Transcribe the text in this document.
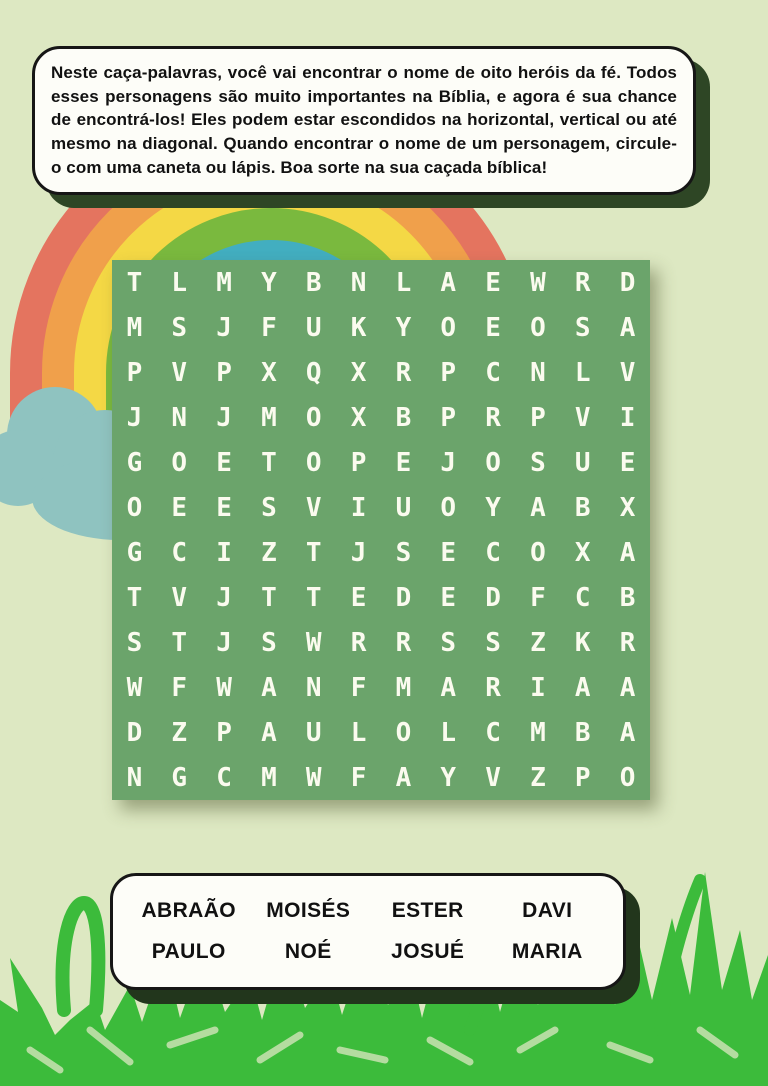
Neste caça-palavras, você vai encontrar o nome de oito heróis da fé. Todos esses personagens são muito importantes na Bíblia, e agora é sua chance de encontrá-los! Eles podem estar escondidos na horizontal, vertical ou até mesmo na diagonal. Quando encontrar o nome de um personagem, circule-o com uma caneta ou lápis. Boa sorte na sua caçada bíblica!

T	L	M	Y	B	N	L	A	E	W	R	D
M	S	J	F	U	K	Y	O	E	O	S	A
P	V	P	X	Q	X	R	P	C	N	L	V
J	N	J	M	O	X	B	P	R	P	V	I
G	O	E	T	O	P	E	J	O	S	U	E
O	E	E	S	V	I	U	O	Y	A	B	X
G	C	I	Z	T	J	S	E	C	O	X	A
T	V	J	T	T	E	D	E	D	F	C	B
S	T	J	S	W	R	R	S	S	Z	K	R
W	F	W	A	N	F	M	A	R	I	A	A
D	Z	P	A	U	L	O	L	C	M	B	A
N	G	C	M	W	F	A	Y	V	Z	P	O
ABRAÃO	MOISÉS	ESTER	DAVI
PAULO	NOÉ	JOSUÉ	MARIA
